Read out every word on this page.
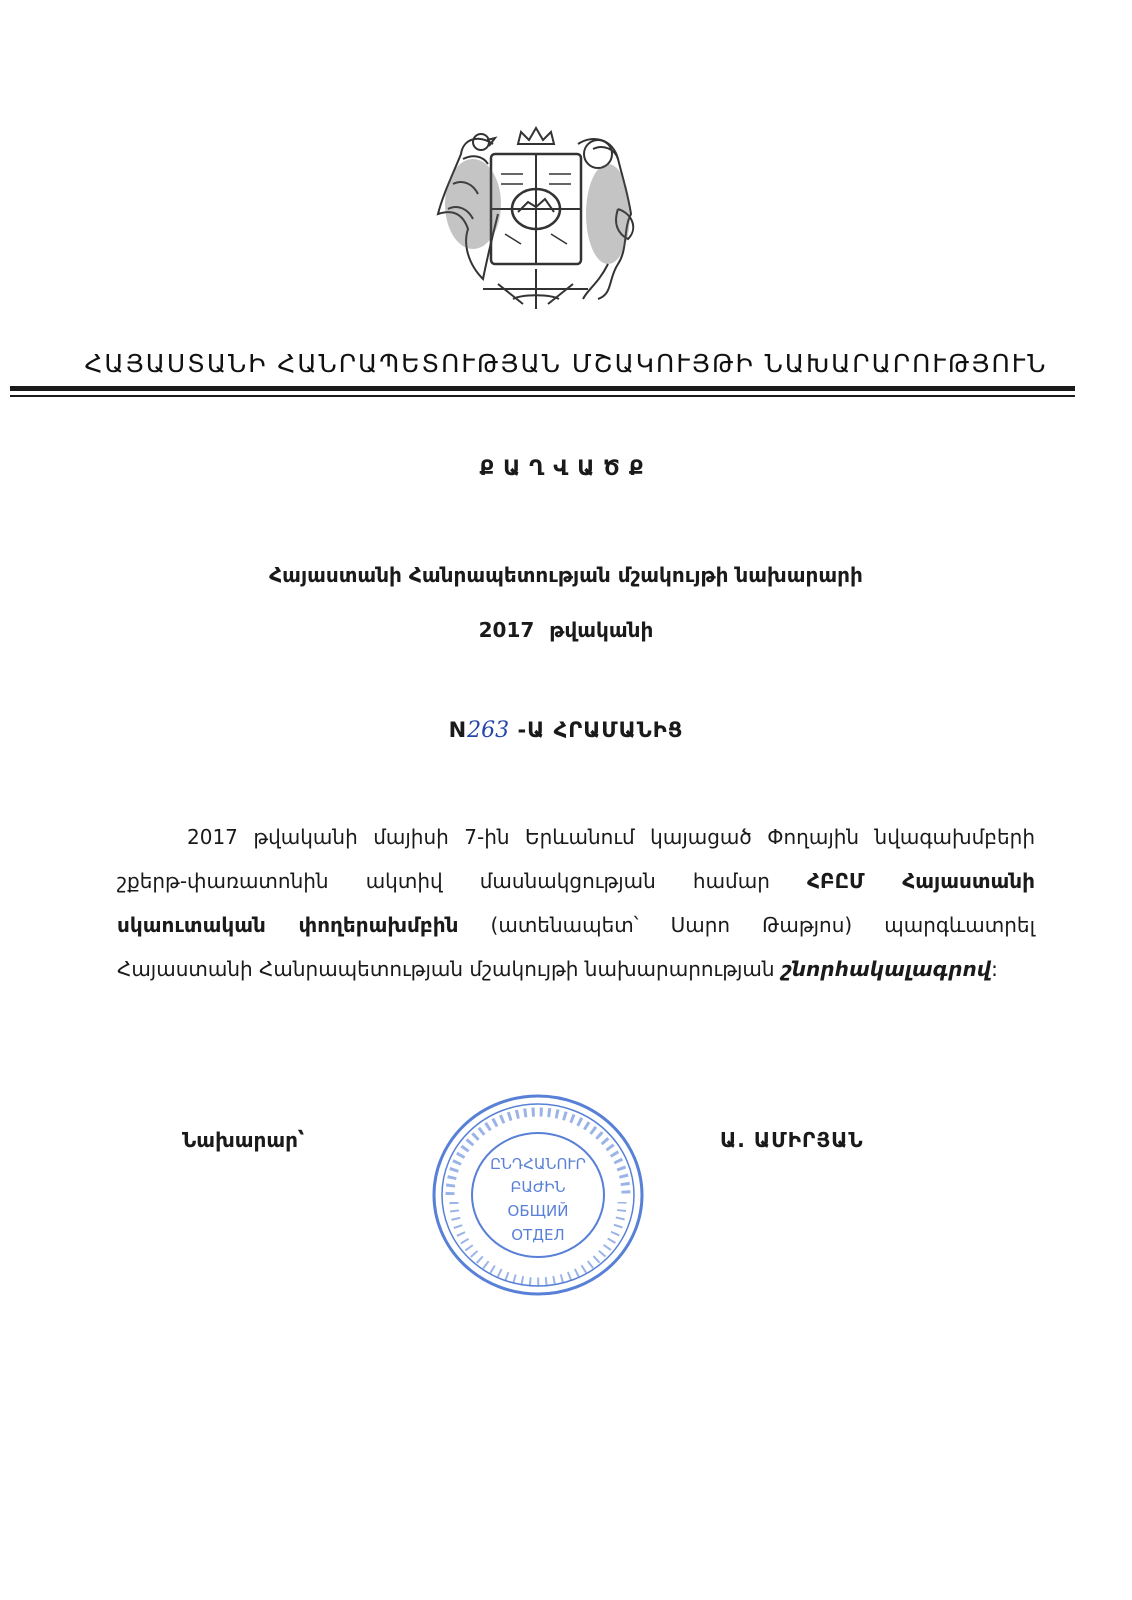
ՀԱՅԱՍՏԱՆԻ ՀԱՆՐԱՊԵՏՈՒԹՅԱՆ ՄՇԱԿՈՒՅԹԻ ՆԱԽԱՐԱՐՈՒԹՅՈՒՆ
ՔԱՂՎԱԾՔ
Հայաստանի Հանրապետության մշակույթի նախարարի
2017 թվականի
N263 -Ա ՀՐԱՄԱՆԻՑ

2017 թվականի մայիսի 7-ին Երևանում կայացած Փողային նվագախմբերի

շքերթ-փառատոնին ակտիվ մասնակցության համար ՀԲԸՄ Հայաստանի

սկաուտական փողերախմբին (ատենապետ՝ Սարո Թաթյոս) պարգևատրել

Հայաստանի Հանրապետության մշակույթի նախարարության շնորհակալագրով:

Նախարար՝
ԸՆԴՀԱՆՈՒՐ
ԲԱԺԻՆ
ОБЩИЙ
ОТДЕЛ
Ա. ԱՄԻՐՅԱՆ
